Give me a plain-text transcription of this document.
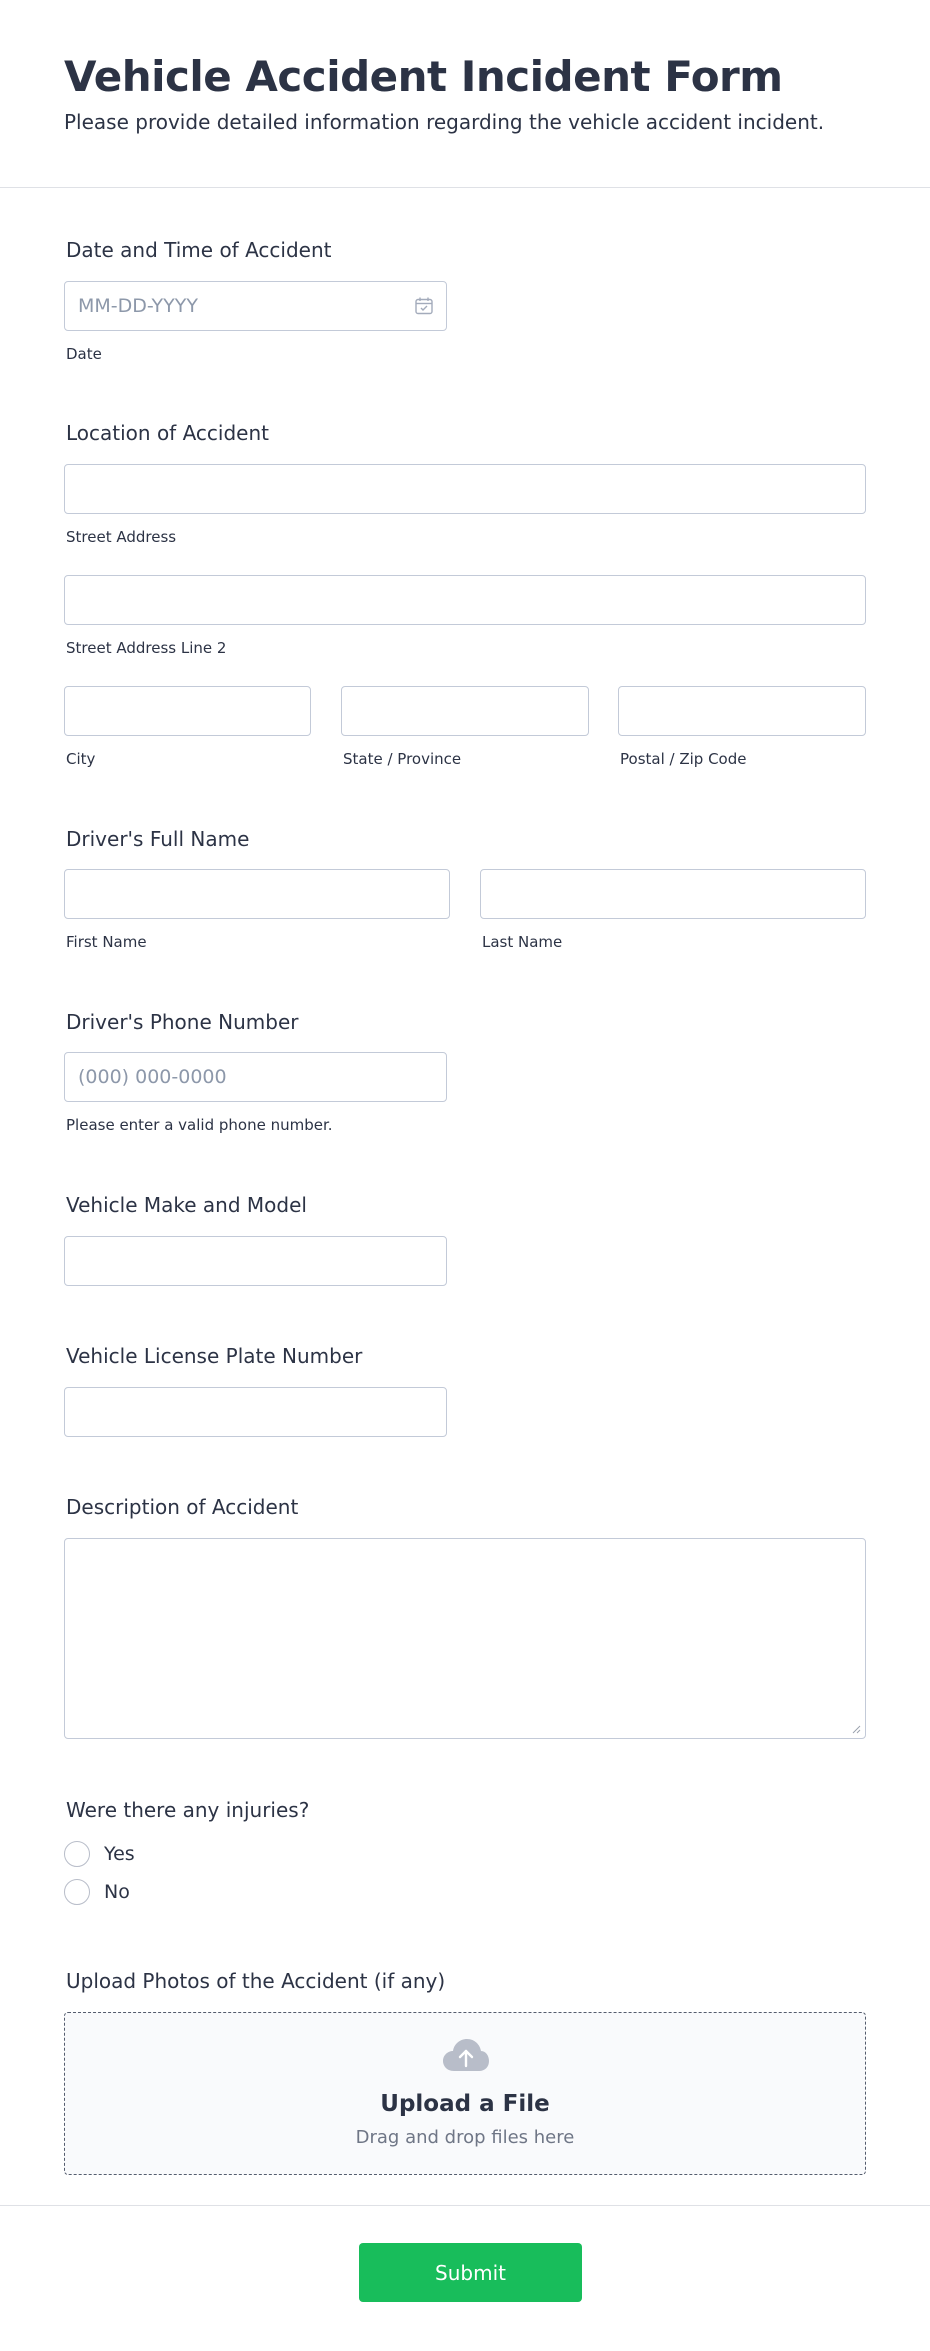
Vehicle Accident Incident Form

Please provide detailed information regarding the vehicle accident incident.

Date and Time of Accident
MM-DD-YYYY
Date
Location of Accident
Street Address
Street Address Line 2
City	State / Province	Postal / Zip Code
Driver's Full Name
First Name	Last Name
Driver's Phone Number
(000) 000-0000
Please enter a valid phone number.
Vehicle Make and Model
Vehicle License Plate Number
Description of Accident
Were there any injuries?
Yes
No
Upload Photos of the Accident (if any)
Upload a File
Drag and drop files here
Submit
